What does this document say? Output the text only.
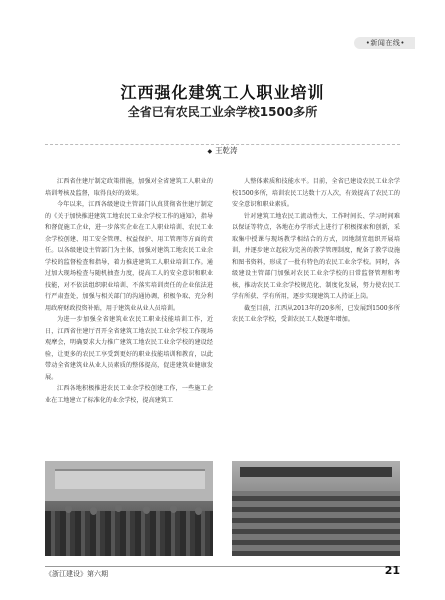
•新闻在线•
江西强化建筑工人职业培训
全省已有农民工业余学校1500多所
◆ 王乾涛

江西省住建厅制定政策措施，加强对全省建筑工人职业的培训考核及监督，取得良好的效果。

今年以来，江西各级建设主管部门认真贯彻省住建厅制定的《关于加快推进建筑工地农民工业余学校工作的通知》，指导和督促施工企业，进一步落实企业在工人职业培训、农民工业余学校创建、用工安全管理、权益保护、用工管理等方面的责任。以各级建设主管部门为主体，加强对建筑工地农民工业余学校的监督检查和指导，着力推进建筑工人职业培训工作。通过加大现场检查与随机抽查力度，提高工人的安全意识和职业技能，对不依法组织职业培训、不落实培训责任的企业依法进行严肃查处，加强与相关部门的沟通协调，积极争取、充分利用政府财政投资补贴，用于建筑业从业人员培训。

为进一步加强全省建筑业农民工职业技能培训工作，近日，江西省住建厅召开全省建筑工地农民工业余学校工作现场观摩会，明确要求大力推广建筑工地农民工业余学校的建设经验，让更多的农民工享受到更好的职业技能培训和教育，以此带动全省建筑业从业人员素质的整体提高，促进建筑业健康发展。

江西各地积极推进农民工业余学校创建工作，一些施工企业在工地建立了标准化的业余学校，提高建筑工

人整体素质和技能水平。目前，全省已建设农民工业余学校1500多所，培训农民工达数十万人次，有效提高了农民工的安全意识和职业素质。

针对建筑工地农民工流动性大、工作时间长、学习时间难以保证等特点，各地在办学形式上进行了积极探索和创新，采取集中授课与现场教学相结合的方式，因地制宜组织开展培训，并逐步建立起较为完善的教学管理制度，配备了教学设施和图书资料，形成了一批有特色的农民工业余学校。同时，各级建设主管部门加强对农民工业余学校的日常监督管理和考核，推动农民工业余学校规范化、制度化发展，努力使农民工学有所获、学有所用，逐步实现建筑工人持证上岗。

截至目前，江西从2013年的20多所，已发展到1500多所农民工业余学校，受训农民工人数逐年增加。

《浙江建设》第六期	21
